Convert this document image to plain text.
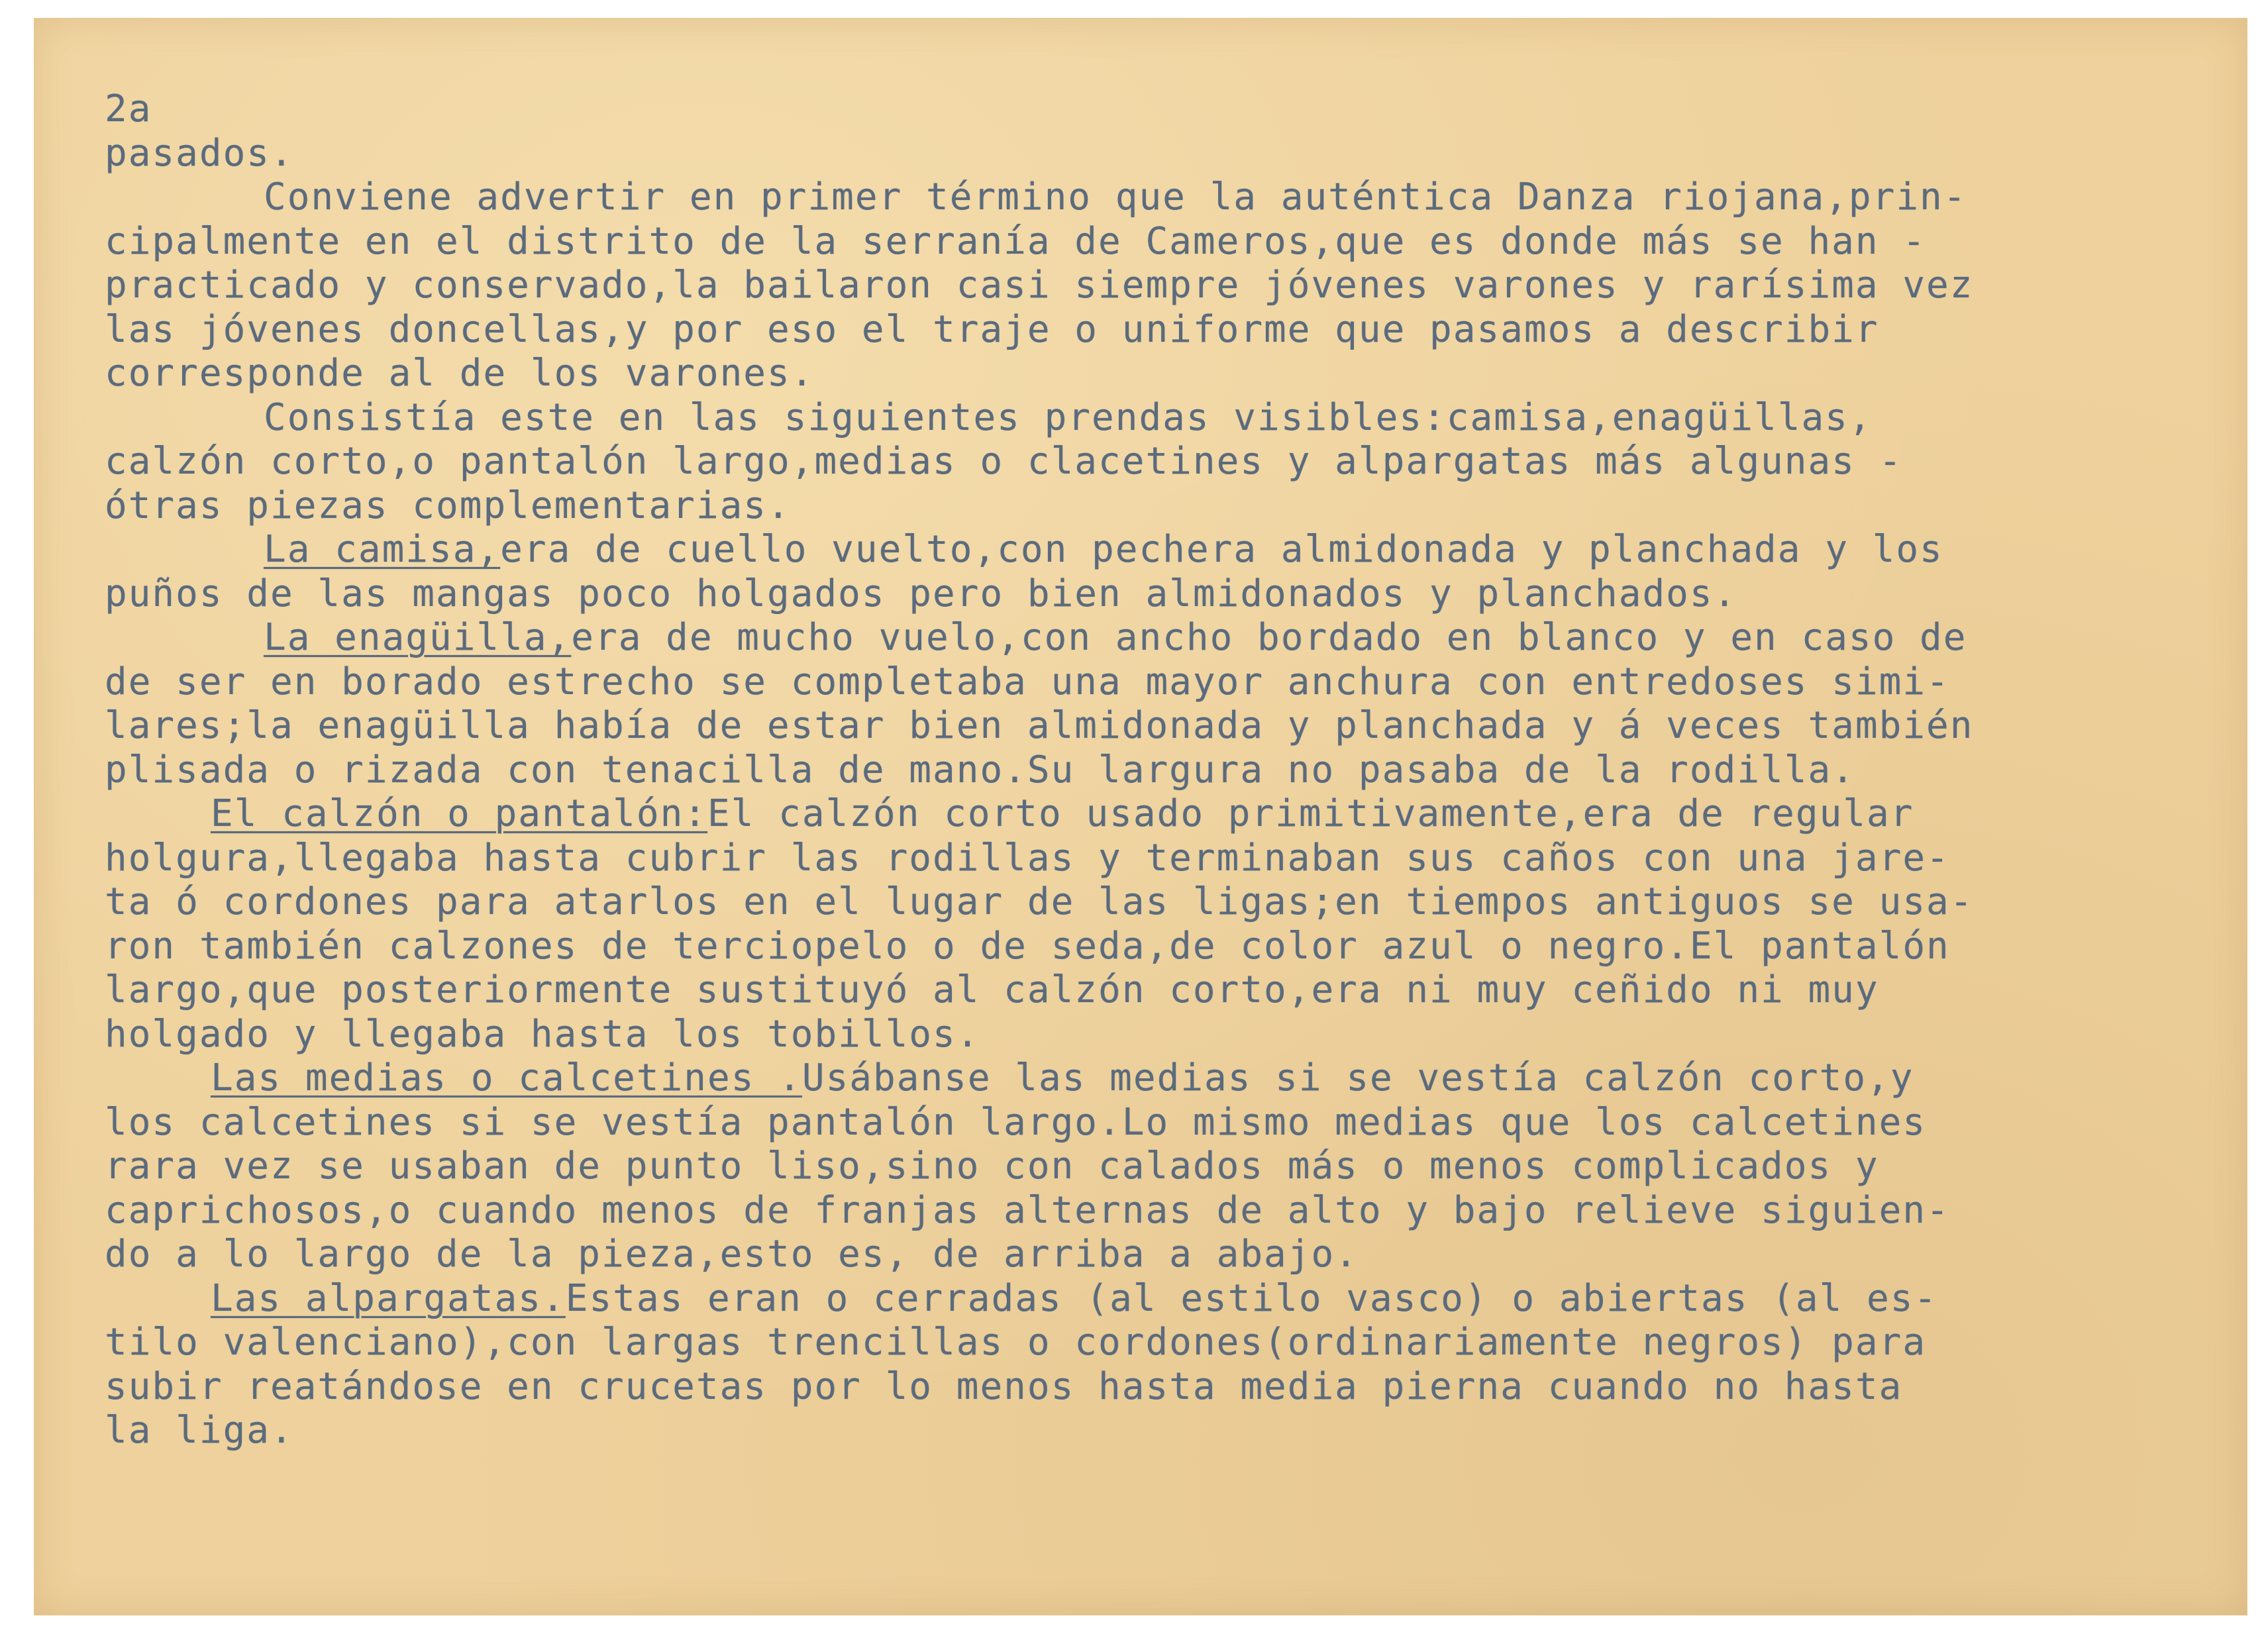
2a
pasados.
Conviene advertir en primer término que la auténtica Danza riojana,prin-
cipalmente en el distrito de la serranía de Cameros,que es donde más se han -
practicado y conservado,la bailaron casi siempre jóvenes varones y rarísima vez
las jóvenes doncellas,y por eso el traje o uniforme que pasamos a describir
corresponde al de los varones.
Consistía este en las siguientes prendas visibles:camisa,enagüillas,
calzón corto,o pantalón largo,medias o clacetines y alpargatas más algunas -
ótras piezas complementarias.
La camisa,era de cuello vuelto,con pechera almidonada y planchada y los
puños de las mangas poco holgados pero bien almidonados y planchados.
La enagüilla,era de mucho vuelo,con ancho bordado en blanco y en caso de
de ser en borado estrecho se completaba una mayor anchura con entredoses simi-
lares;la enagüilla había de estar bien almidonada y planchada y á veces también
plisada o rizada con tenacilla de mano.Su largura no pasaba de la rodilla.
El calzón o pantalón:El calzón corto usado primitivamente,era de regular
holgura,llegaba hasta cubrir las rodillas y terminaban sus caños con una jare-
ta ó cordones para atarlos en el lugar de las ligas;en tiempos antiguos se usa-
ron también calzones de terciopelo o de seda,de color azul o negro.El pantalón
largo,que posteriormente sustituyó al calzón corto,era ni muy ceñido ni muy
holgado y llegaba hasta los tobillos.
Las medias o calcetines .Usábanse las medias si se vestía calzón corto,y
los calcetines si se vestía pantalón largo.Lo mismo medias que los calcetines
rara vez se usaban de punto liso,sino con calados más o menos complicados y
caprichosos,o cuando menos de franjas alternas de alto y bajo relieve siguien-
do a lo largo de la pieza,esto es, de arriba a abajo.
Las alpargatas.Estas eran o cerradas (al estilo vasco) o abiertas (al es-
tilo valenciano),con largas trencillas o cordones(ordinariamente negros) para
subir reatándose en crucetas por lo menos hasta media pierna cuando no hasta
la liga.
